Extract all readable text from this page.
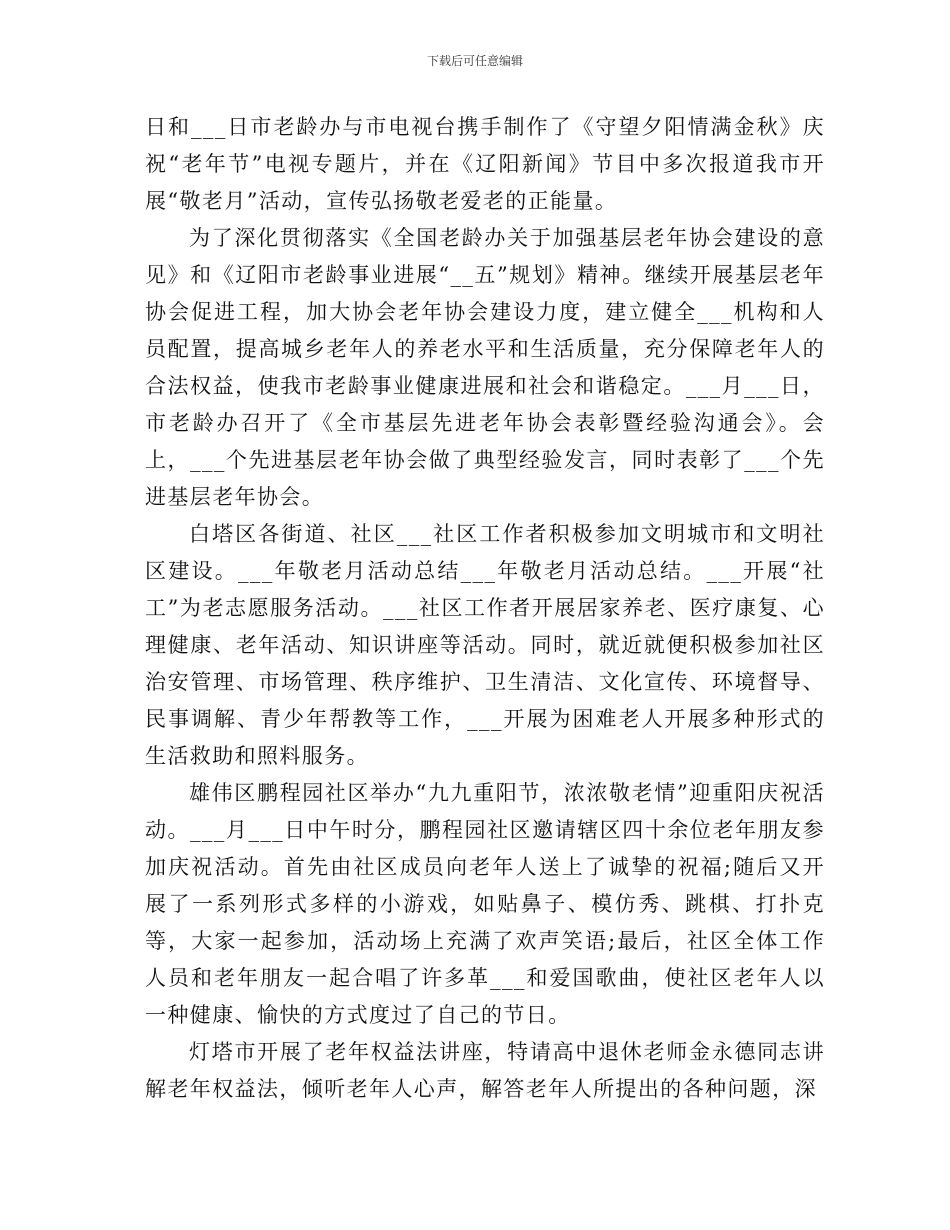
下载后可任意编辑

日和___日市老龄办与市电视台携手制作了《守望夕阳情满金秋》庆祝“老年节”电视专题片，并在《辽阳新闻》节目中多次报道我市开展“敬老月”活动，宣传弘扬敬老爱老的正能量。

为了深化贯彻落实《全国老龄办关于加强基层老年协会建设的意见》和《辽阳市老龄事业进展“__五”规划》精神。继续开展基层老年协会促进工程，加大协会老年协会建设力度，建立健全___机构和人员配置，提高城乡老年人的养老水平和生活质量，充分保障老年人的合法权益，使我市老龄事业健康进展和社会和谐稳定。___月___日，市老龄办召开了《全市基层先进老年协会表彰暨经验沟通会》。会上，___个先进基层老年协会做了典型经验发言，同时表彰了___个先进基层老年协会。

白塔区各街道、社区___社区工作者积极参加文明城市和文明社区建设。___年敬老月活动总结___年敬老月活动总结。___开展“社工”为老志愿服务活动。___社区工作者开展居家养老、医疗康复、心理健康、老年活动、知识讲座等活动。同时，就近就便积极参加社区治安管理、市场管理、秩序维护、卫生清洁、文化宣传、环境督导、民事调解、青少年帮教等工作，___开展为困难老人开展多种形式的生活救助和照料服务。

雄伟区鹏程园社区举办“九九重阳节，浓浓敬老情”迎重阳庆祝活动。___月___日中午时分，鹏程园社区邀请辖区四十余位老年朋友参加庆祝活动。首先由社区成员向老年人送上了诚挚的祝福;随后又开展了一系列形式多样的小游戏，如贴鼻子、模仿秀、跳棋、打扑克等，大家一起参加，活动场上充满了欢声笑语;最后，社区全体工作人员和老年朋友一起合唱了许多革___和爱国歌曲，使社区老年人以一种健康、愉快的方式度过了自己的节日。

灯塔市开展了老年权益法讲座，特请高中退休老师金永德同志讲解老年权益法，倾听老年人心声，解答老年人所提出的各种问题，深
